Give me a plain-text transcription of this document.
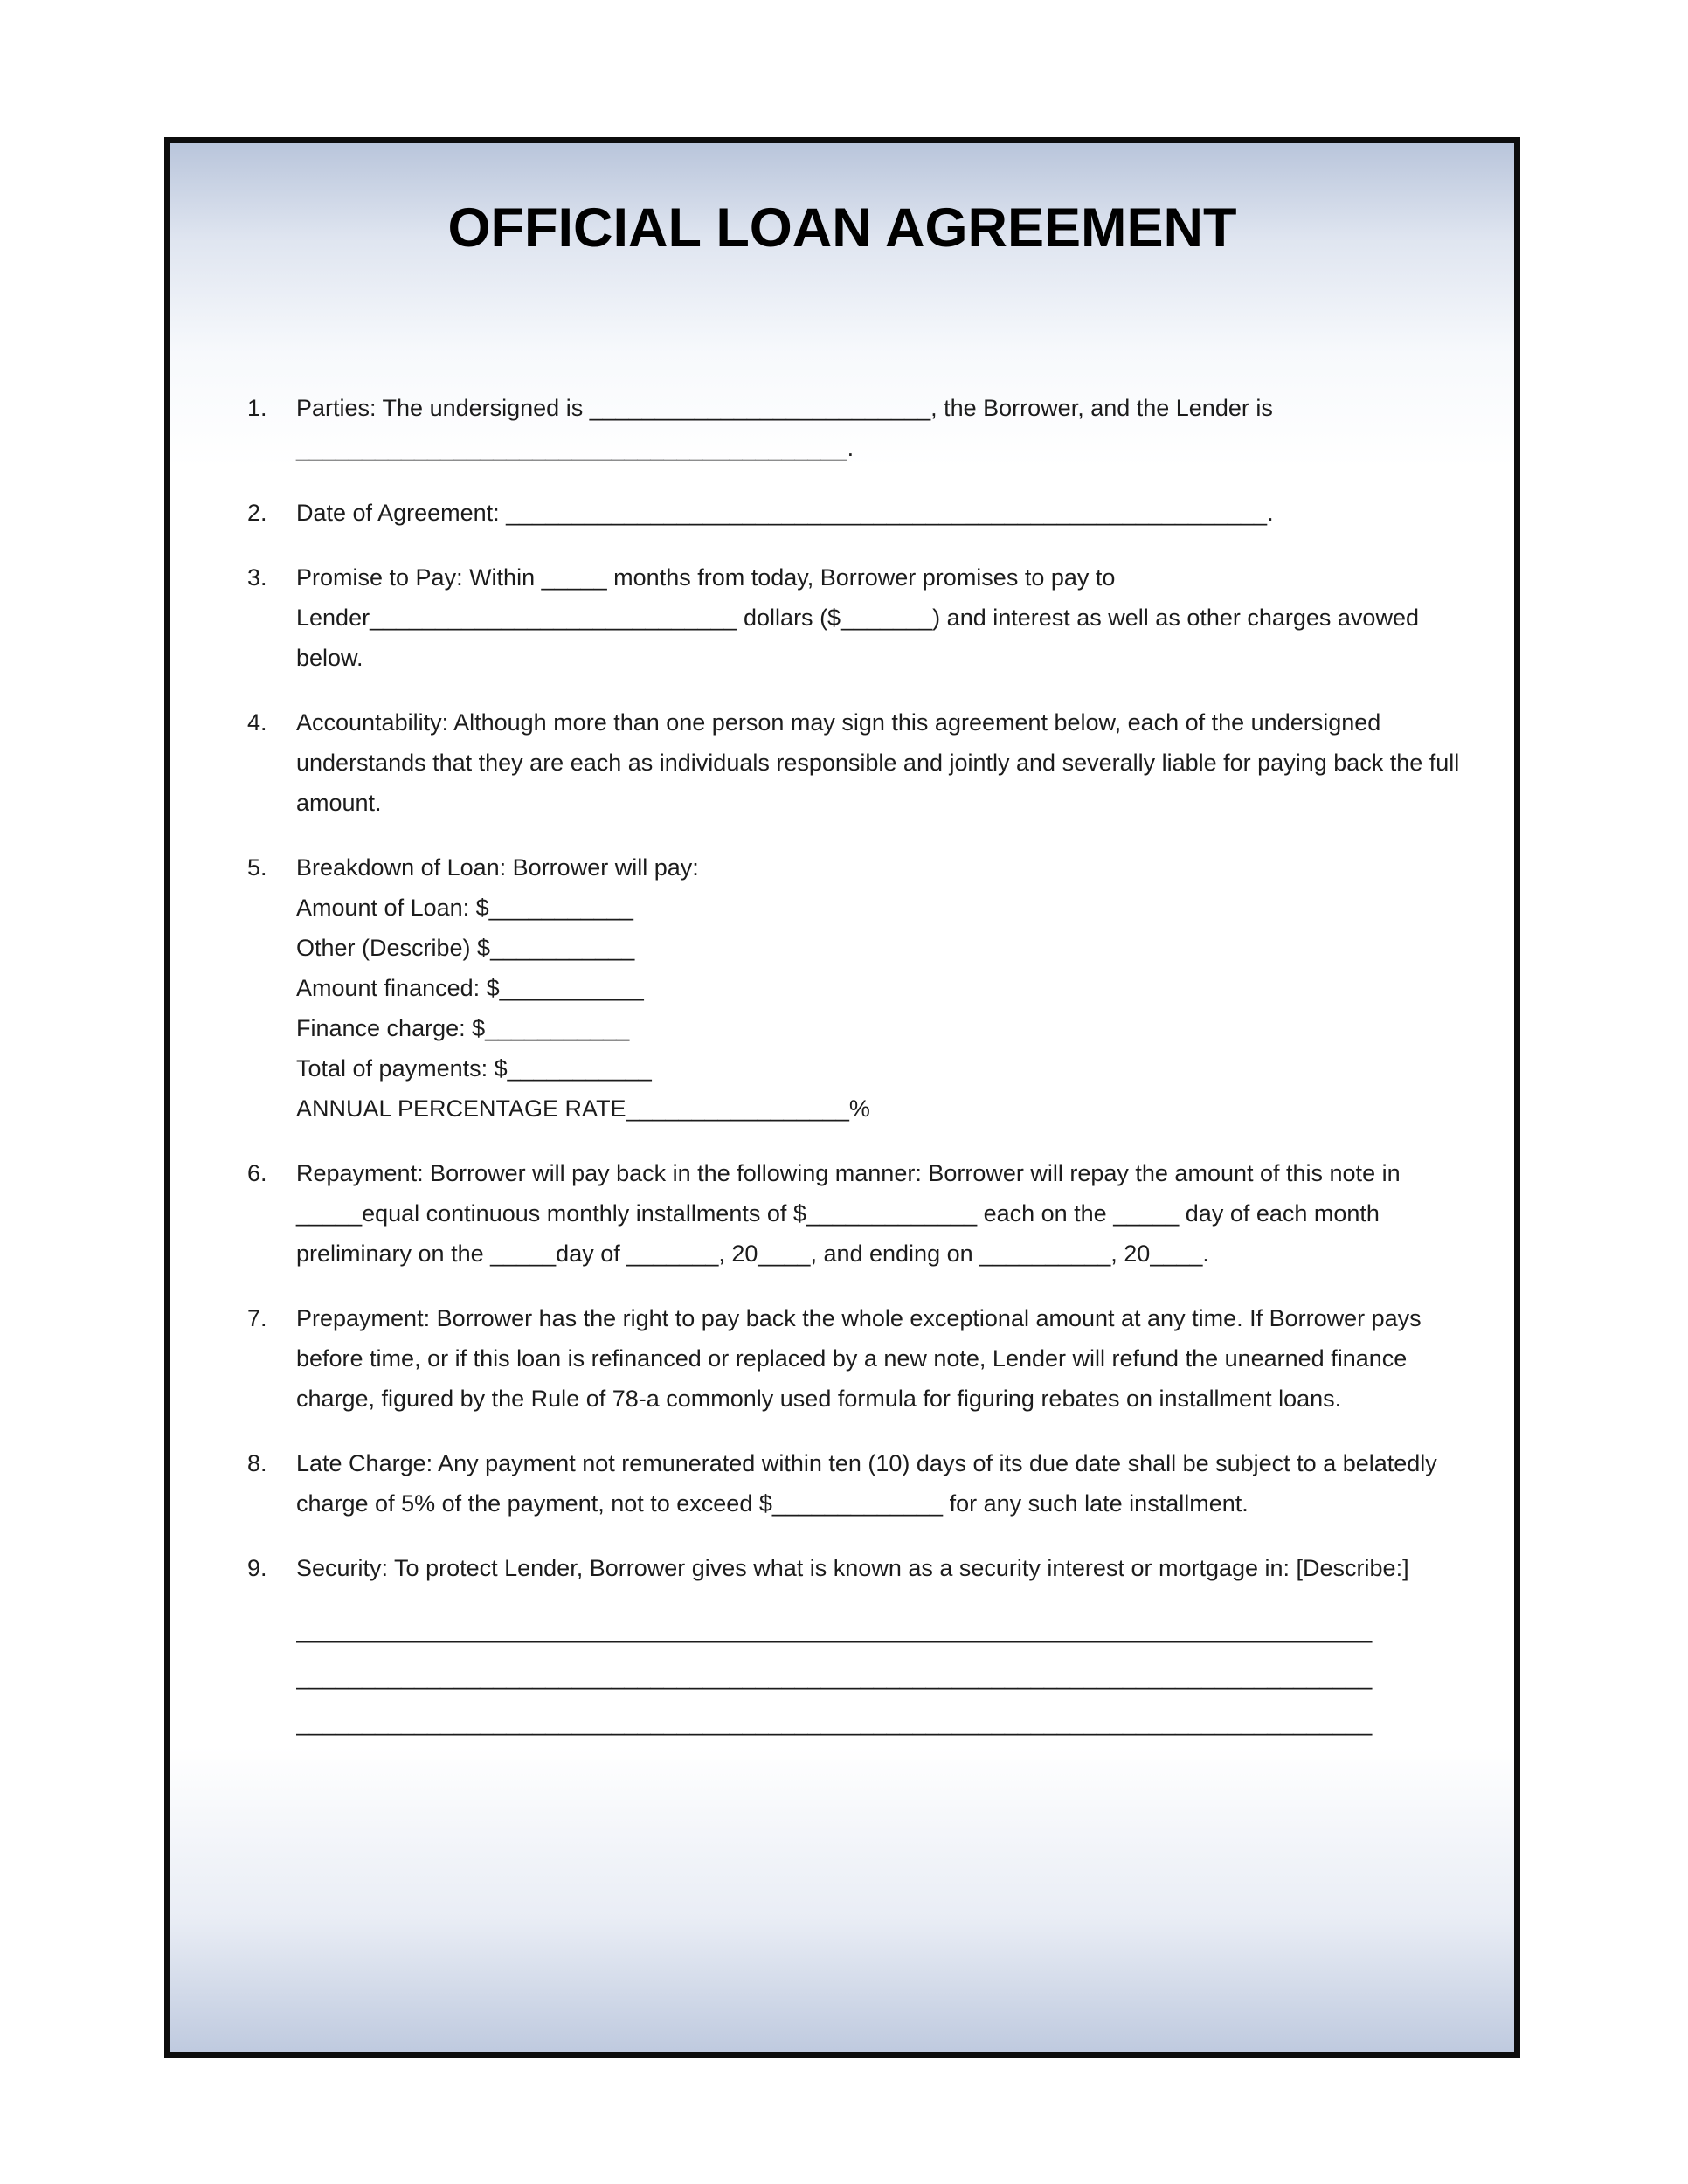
OFFICIAL LOAN AGREEMENT
1.	Parties: The undersigned is __________________________, the Borrower, and the Lender is __________________________________________.

2.	Date of Agreement: __________________________________________________________.

3.	Promise to Pay: Within _____ months from today, Borrower promises to pay to Lender____________________________ dollars ($_______) and interest as well as other charges avowed below.

4.	Accountability: Although more than one person may sign this agreement below, each of the undersigned understands that they are each as individuals responsible and jointly and severally liable for paying back the full amount.

5.	Breakdown of Loan: Borrower will pay:

Amount of Loan: $___________

Other (Describe) $___________

Amount financed: $___________

Finance charge: $___________

Total of payments: $___________

ANNUAL PERCENTAGE RATE_________________%

6.	Repayment: Borrower will pay back in the following manner: Borrower will repay the amount of this note in _____equal continuous monthly installments of $_____________ each on the _____ day of each month preliminary on the _____day of _______, 20____, and ending on __________, 20____.

7.	Prepayment: Borrower has the right to pay back the whole exceptional amount at any time. If Borrower pays before time, or if this loan is refinanced or replaced by a new note, Lender will refund the unearned finance charge, figured by the Rule of 78-a commonly used formula for figuring rebates on installment loans.

8.	Late Charge: Any payment not remunerated within ten (10) days of its due date shall be subject to a belatedly charge of 5% of the payment, not to exceed $_____________ for any such late installment.

9.	Security: To protect Lender, Borrower gives what is known as a security interest or mortgage in: [Describe:]

__________________________________________________________________________________

__________________________________________________________________________________

__________________________________________________________________________________
